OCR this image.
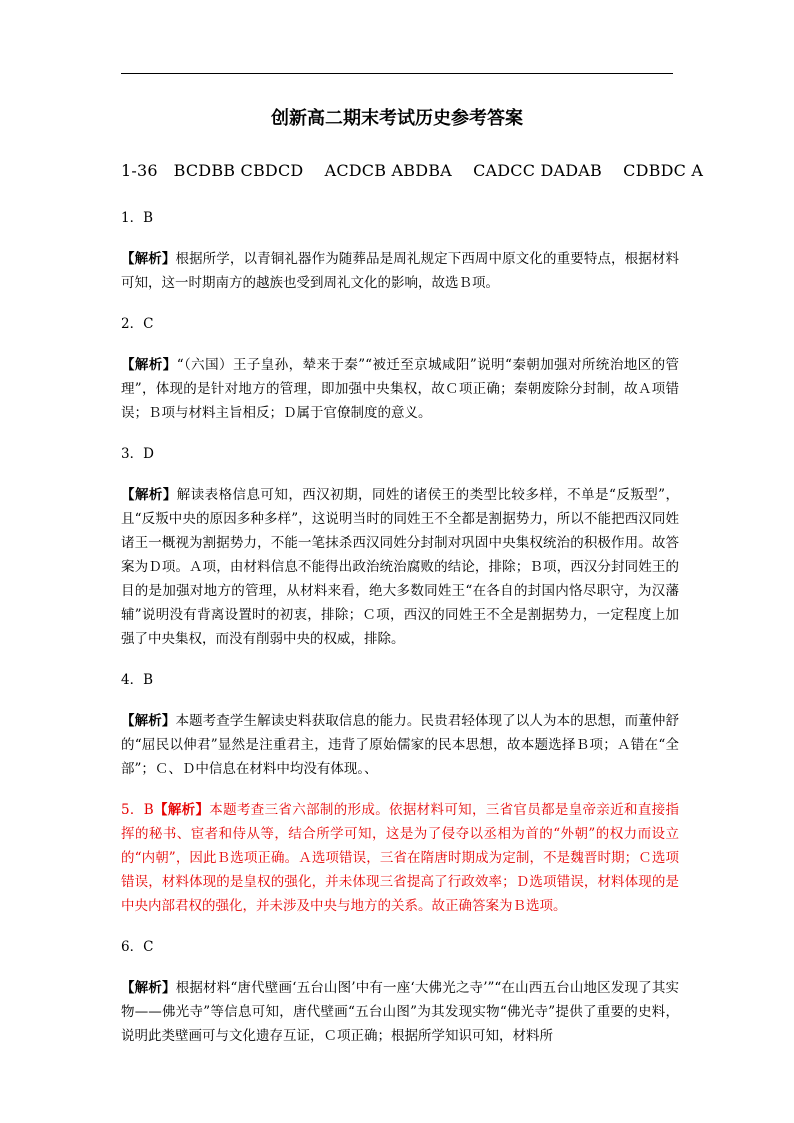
创新高二期末考试历史参考答案
1-36   BCDBB CBDCD    ACDCB ABDBA    CADCC DADAB    CDBDC A
1．B
【解析】根据所学，以青铜礼器作为随葬品是周礼规定下西周中原文化的重要特点，根据材料可知，这一时期南方的越族也受到周礼文化的影响，故选Ｂ项。
2．C
【解析】“（六国）王子皇孙，辇来于秦”“被迁至京城咸阳”说明“秦朝加强对所统治地区的管理”，体现的是针对地方的管理，即加强中央集权，故Ｃ项正确；秦朝废除分封制，故Ａ项错误；Ｂ项与材料主旨相反；Ｄ属于官僚制度的意义。
3．D
【解析】解读表格信息可知，西汉初期，同姓的诸侯王的类型比较多样，不单是“反叛型”，且“反叛中央的原因多种多样”，这说明当时的同姓王不全都是割据势力，所以不能把西汉同姓诸王一概视为割据势力，不能一笔抹杀西汉同姓分封制对巩固中央集权统治的积极作用。故答案为Ｄ项。Ａ项，由材料信息不能得出政治统治腐败的结论，排除；Ｂ项，西汉分封同姓王的目的是加强对地方的管理，从材料来看，绝大多数同姓王“在各自的封国内恪尽职守，为汉藩辅”说明没有背离设置时的初衷，排除；Ｃ项，西汉的同姓王不全是割据势力，一定程度上加强了中央集权，而没有削弱中央的权威，排除。
4．B
【解析】本题考查学生解读史料获取信息的能力。民贵君轻体现了以人为本的思想，而董仲舒的“屈民以伸君”显然是注重君主，违背了原始儒家的民本思想，故本题选择Ｂ项；Ａ错在“全部”；Ｃ、Ｄ中信息在材料中均没有体现。、
5．B【解析】本题考查三省六部制的形成。依据材料可知，三省官员都是皇帝亲近和直接指挥的秘书、宦者和侍从等，结合所学可知，这是为了侵夺以丞相为首的“外朝”的权力而设立的“内朝”，因此Ｂ选项正确。Ａ选项错误，三省在隋唐时期成为定制，不是魏晋时期；Ｃ选项错误，材料体现的是皇权的强化，并未体现三省提高了行政效率；Ｄ选项错误，材料体现的是中央内部君权的强化，并未涉及中央与地方的关系。故正确答案为Ｂ选项。
6．C
【解析】根据材料“唐代壁画‘五台山图’中有一座‘大佛光之寺’”“在山西五台山地区发现了其实物——佛光寺”等信息可知，唐代壁画“五台山图”为其发现实物“佛光寺”提供了重要的史料，说明此类壁画可与文化遗存互证，Ｃ项正确；根据所学知识可知，材料所
